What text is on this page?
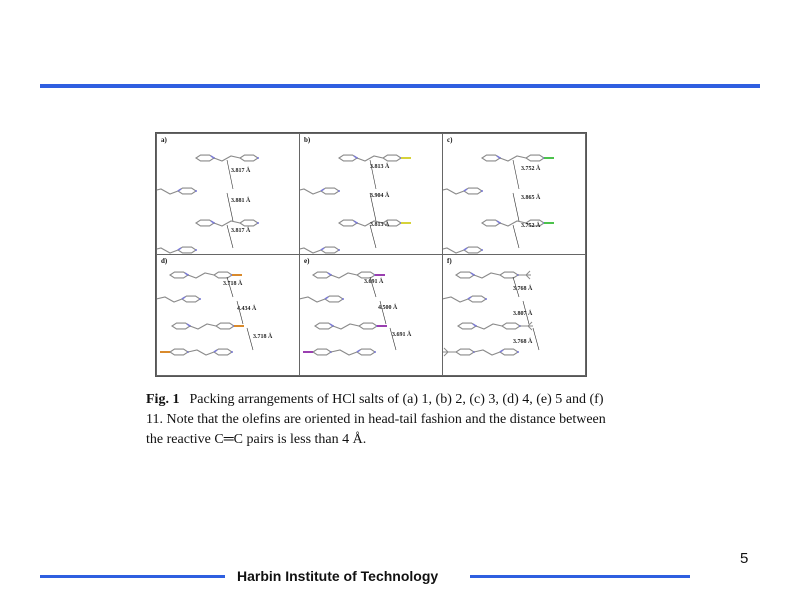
a)
3.817 Å
3.881 Å
3.817 Å
b)
3.813 Å
3.904 Å
3.813 Å
c)
3.752 Å
3.865 Å
3.752 Å
d)
3.718 Å
4.434 Å
3.718 Å
e)
3.691 Å
4.500 Å
3.691 Å
f)
3.768 Å
3.807 Å
3.768 Å
Fig. 1 Packing arrangements of HCl salts of (a) 1, (b) 2, (c) 3, (d) 4, (e) 5 and (f) 11. Note that the olefins are oriented in head-tail fashion and the distance between the reactive C═C pairs is less than 4 Å.
5
Harbin Institute of Technology
